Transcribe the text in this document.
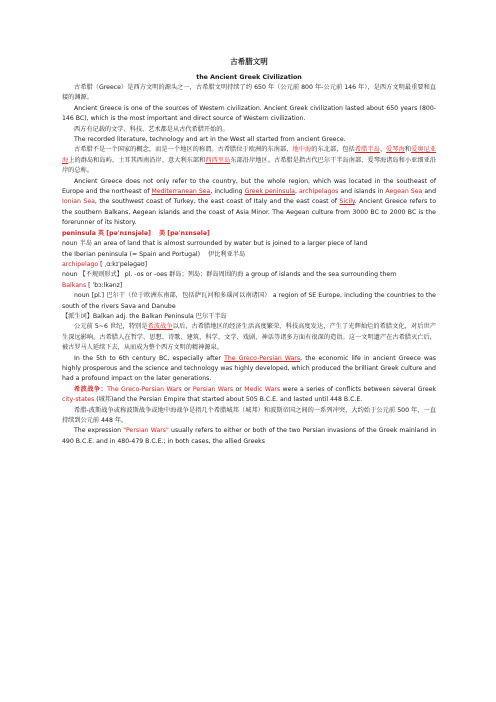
古希腊文明
the Ancient Greek Civilization

古希腊（Greece）是西方文明的源头之一，古希腊文明持续了约 650 年（公元前 800 年-公元前 146 年），是西方文明最重要和直接的渊源。

Ancient Greece is one of the sources of Western civilization. Ancient Greek civilization lasted about 650 years (800-146 BC), which is the most important and direct source of Western civilization.

西方有记载的文学、科技、艺术都是从古代希腊开始的。

The recorded literature, technology and art in the West all started from ancient Greece.

古希腊不是一个国家的概念，而是一个地区的称谓。古希腊位于欧洲的东南部、地中海的东北部，包括希腊半岛、爱琴海和爱奥尼亚海上的群岛和岛屿、土耳其西南沿岸、意大利东部和西西里岛东部沿岸地区。古希腊是指古代巴尔干半岛南部、爱琴海诸岛和小亚细亚沿岸的总称。

Ancient Greece does not only refer to the country, but the whole region, which was located in the southeast of Europe and the northeast of Mediterranean Sea, including Greek peninsula, archipelagos and islands in Aegean Sea and Ionian Sea, the southwest coast of Turkey, the east coast of Italy and the east coast of Sicily. Ancient Greece refers to the southern Balkans, Aegean islands and the coast of Asia Minor. The Aegean culture from 3000 BC to 2000 BC is the forerunner of its history.

peninsula 英 [pəˈnɪnsjələ] 美 [pəˈnɪnsələ]

noun 半岛 an area of land that is almost surrounded by water but is joined to a larger piece of land

the Iberian peninsula (= Spain and Portugal) 伊比利亚半岛

archipelago [ ˌɑːkɪˈpeləɡəʊ]

noun 【不规则形式】 pl. -os or -oes 群岛；列岛；群岛周围的海 a group of islands and the sea surrounding them

Balkans [ ˈbɔːlkənz]

noun [pl.] 巴尔干（位于欧洲东南部，包括萨瓦河和多瑙河以南诸国） a region of SE Europe, including the countries to the south of the rivers Sava and Danube

【派生词】Balkan adj. the Balkan Peninsula 巴尔干半岛

公元前 5~6 世纪，特别是希波战争以后，古希腊地区的经济生活高度繁荣、科技高度发达，产生了光辉灿烂的希腊文化，对后世产生深远影响。古希腊人在哲学、思想、诗歌、建筑、科学、文学、戏剧、神话等诸多方面有很深的造诣。这一文明遗产在古希腊灭亡后，被古罗马人延续下去，从而成为整个西方文明的精神源泉。

In the 5th to 6th century BC, especially after The Greco-Persian Wars, the economic life in ancient Greece was highly prosperous and the science and technology was highly developed, which produced the brilliant Greek culture and had a profound impact on the later generations.

希波战争：The Greco-Persian Wars or Persian Wars or Medic Wars were a series of conflicts between several Greek city-states (城邦)and the Persian Empire that started about 505 B.C.E. and lasted until 448 B.C.E.

希腊-波斯战争或称波斯战争或地中海战争是指几个希腊城邦（城邦）和波斯帝国之间的一系列冲突，大约始于公元前 500 年，一直持续到公元前 448 年。

The expression "Persian Wars" usually refers to either or both of the two Persian invasions of the Greek mainland in 490 B.C.E. and in 480-479 B.C.E.; in both cases, the allied Greeks
